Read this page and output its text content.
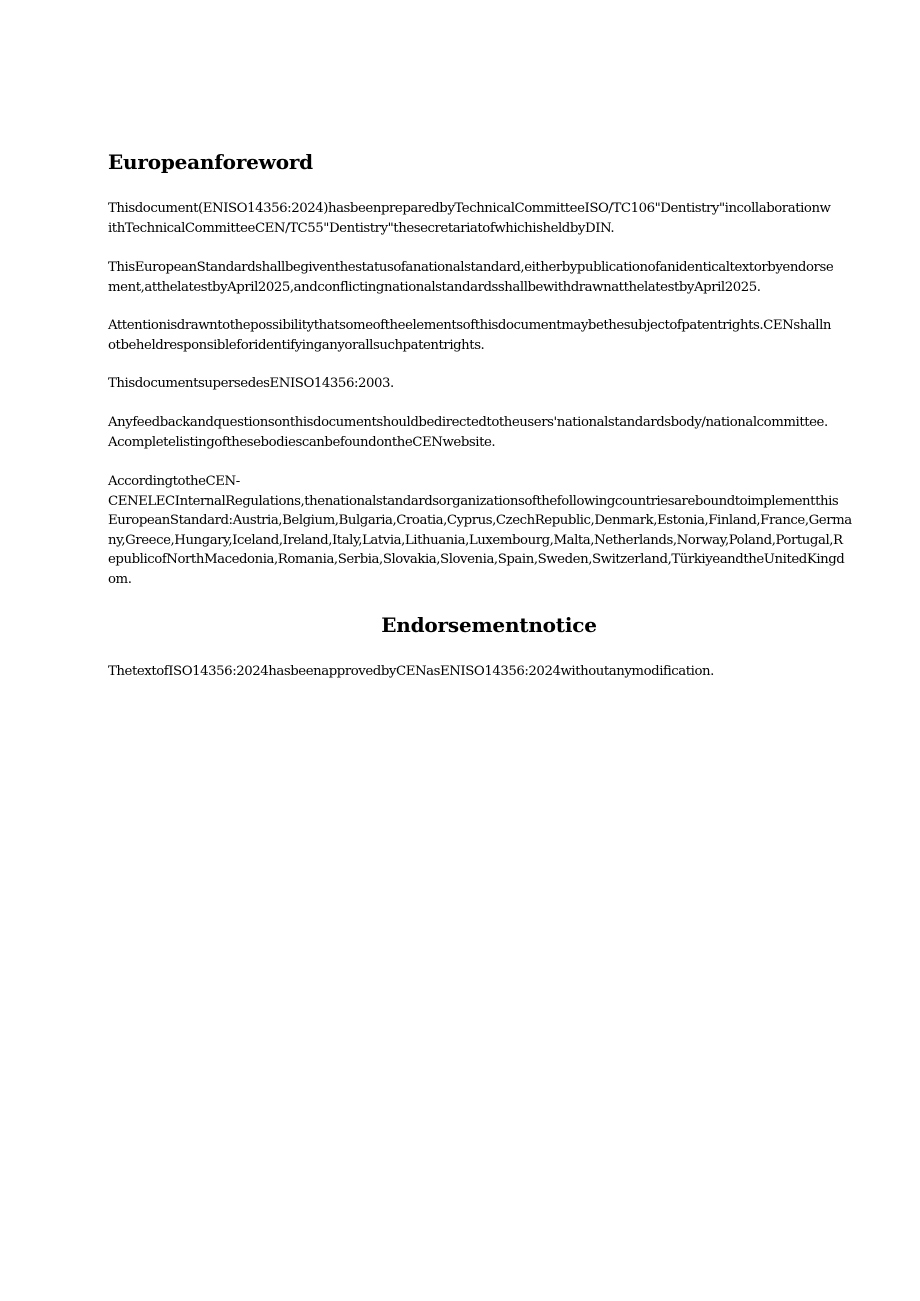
Europeanforeword

Thisdocument(ENISO14356:2024)hasbeenpreparedbyTechnicalCommitteeISO/TC106"Dentistry"incollaborationw
ithTechnicalCommitteeCEN/TC55"Dentistry"thesecretariatofwhichisheldbyDIN.

ThisEuropeanStandardshallbegiventhestatusofanationalstandard,eitherbypublicationofanidenticaltextorbyendorse
ment,atthelatestbyApril2025,andconflictingnationalstandardsshallbewithdrawnatthelatestbyApril2025.

Attentionisdrawntothepossibilitythatsomeoftheelementsofthisdocumentmaybethesubjectofpatentrights.CENshalln
otbeheldresponsibleforidentifyinganyorallsuchpatentrights.

ThisdocumentsupersedesENISO14356:2003.

Anyfeedbackandquestionsonthisdocumentshouldbedirectedtotheusers'nationalstandardsbody/nationalcommittee.
AcompletelistingofthesebodiescanbefoundontheCENwebsite.

AccordingtotheCEN-
CENELECInternalRegulations,thenationalstandardsorganizationsofthefollowingcountriesareboundtoimplementthis
EuropeanStandard:Austria,Belgium,Bulgaria,Croatia,Cyprus,CzechRepublic,Denmark,Estonia,Finland,France,Germa
ny,Greece,Hungary,Iceland,Ireland,Italy,Latvia,Lithuania,Luxembourg,Malta,Netherlands,Norway,Poland,Portugal,R
epublicofNorthMacedonia,Romania,Serbia,Slovakia,Slovenia,Spain,Sweden,Switzerland,TürkiyeandtheUnitedKingd
om.

Endorsementnotice

ThetextofISO14356:2024hasbeenapprovedbyCENasENISO14356:2024withoutanymodification.
